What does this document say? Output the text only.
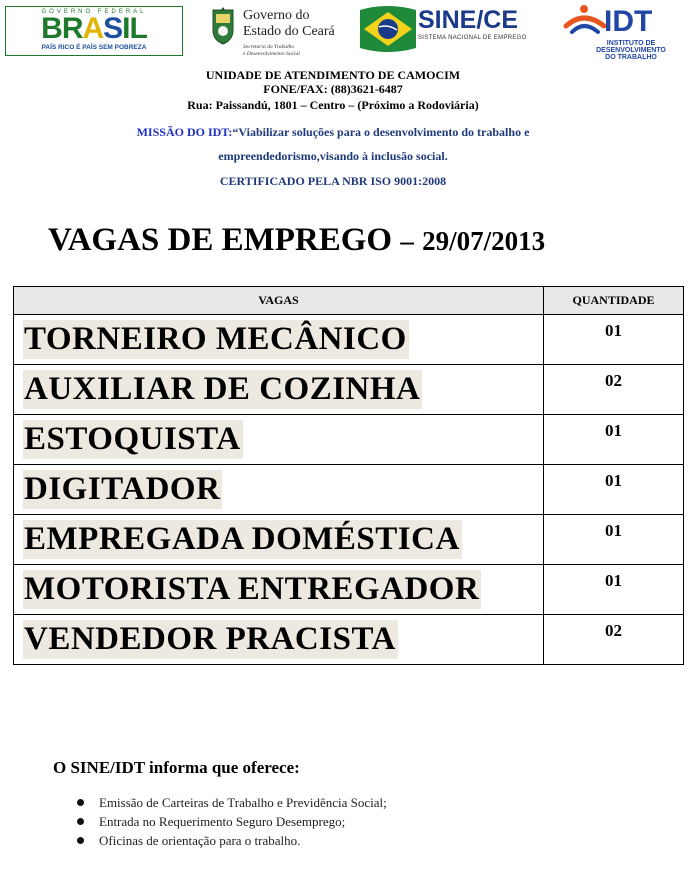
GOVERNO FEDERAL
BRASIL
PAÍS RICO É PAÍS SEM POBREZA
Governo do
Estado do Ceará
Secretaria do Trabalho
e Desenvolvimento Social
SINE/CE
SISTEMA NACIONAL DE EMPREGO	IDT
INSTITUTO DE
DESENVOLVIMENTO
DO TRABALHO
UNIDADE DE ATENDIMENTO DE CAMOCIM
FONE/FAX: (88)3621-6487
Rua: Paissandú, 1801 – Centro – (Próximo a Rodoviária)
MISSÃO DO IDT:“Viabilizar soluções para o desenvolvimento do trabalho e
empreendedorismo,visando à inclusão social.
CERTIFICADO PELA NBR ISO 9001:2008
VAGAS DE EMPREGO – 29/07/2013
VAGAS	QUANTIDADE
TORNEIRO MECÂNICO	01

AUXILIAR DE COZINHA	02

ESTOQUISTA	01

DIGITADOR	01

EMPREGADA DOMÉSTICA	01

MOTORISTA ENTREGADOR	01

VENDEDOR PRACISTA	02
O SINE/IDT informa que oferece:
Emissão de Carteiras de Trabalho e Previdência Social;
Entrada no Requerimento Seguro Desemprego;
Oficinas de orientação para o trabalho.
